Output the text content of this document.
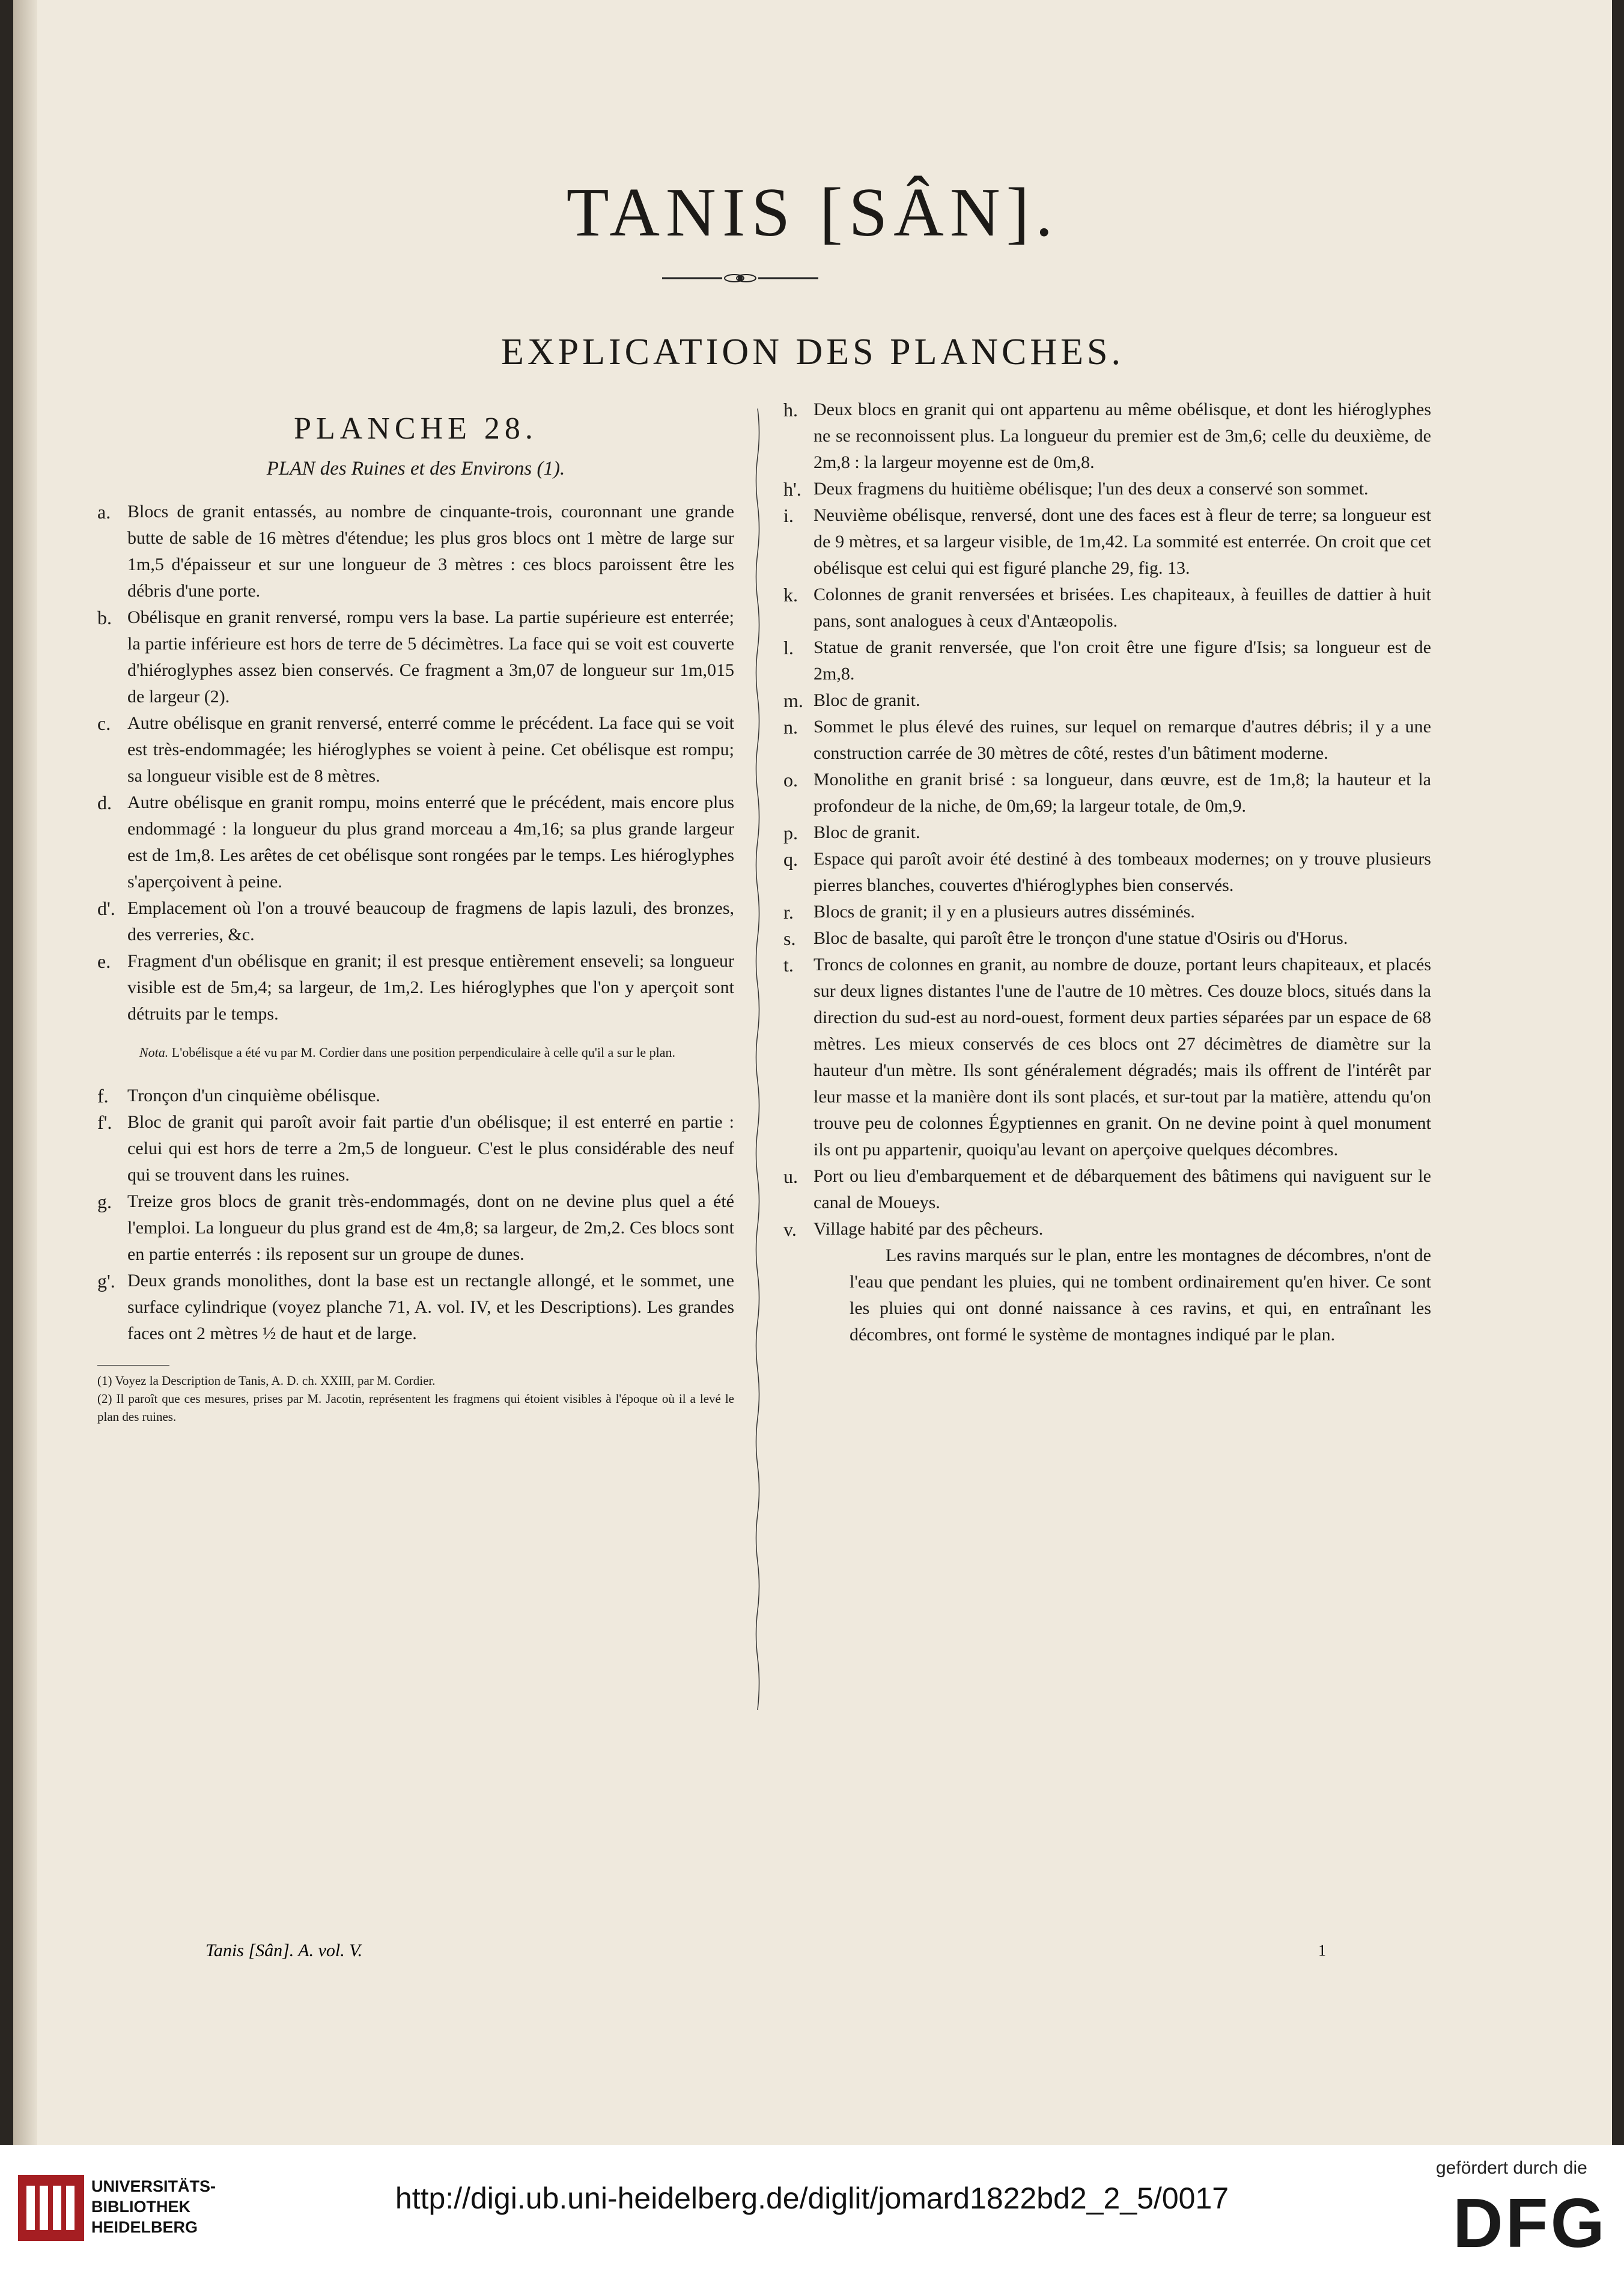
TANIS [SÂN].
EXPLICATION DES PLANCHES.
PLANCHE 28.
PLAN des Ruines et des Environs (1).
a. Blocs de granit entassés, au nombre de cinquante-trois, couronnant une grande butte de sable de 16 mètres d'étendue; les plus gros blocs ont 1 mètre de large sur 1m,5 d'épaisseur et sur une longueur de 3 mètres : ces blocs paroissent être les débris d'une porte.
b. Obélisque en granit renversé, rompu vers la base. La partie supérieure est enterrée; la partie inférieure est hors de terre de 5 décimètres. La face qui se voit est couverte d'hiéroglyphes assez bien conservés. Ce fragment a 3m,07 de longueur sur 1m,015 de largeur (2).
c. Autre obélisque en granit renversé, enterré comme le précédent. La face qui se voit est très-endommagée; les hiéroglyphes se voient à peine. Cet obélisque est rompu; sa longueur visible est de 8 mètres.
d. Autre obélisque en granit rompu, moins enterré que le précédent, mais encore plus endommagé : la longueur du plus grand morceau a 4m,16; sa plus grande largeur est de 1m,8. Les arêtes de cet obélisque sont rongées par le temps. Les hiéroglyphes s'aperçoivent à peine.
d'. Emplacement où l'on a trouvé beaucoup de fragmens de lapis lazuli, des bronzes, des verreries, &c.
e. Fragment d'un obélisque en granit; il est presque entièrement enseveli; sa longueur visible est de 5m,4; sa largeur, de 1m,2. Les hiéroglyphes que l'on y aperçoit sont détruits par le temps.
Nota. L'obélisque a été vu par M. Cordier dans une position perpendiculaire à celle qu'il a sur le plan.
f.	Tronçon d'un cinquième obélisque.
f'. Bloc de granit qui paroît avoir fait partie d'un obélisque; il est enterré en partie : celui qui est hors de terre a 2m,5 de longueur. C'est le plus considérable des neuf qui se trouvent dans les ruines.
g. Treize gros blocs de granit très-endommagés, dont on ne devine plus quel a été l'emploi. La longueur du plus grand est de 4m,8; sa largeur, de 2m,2. Ces blocs sont en partie enterrés : ils reposent sur un groupe de dunes.
g'. Deux grands monolithes, dont la base est un rectangle allongé, et le sommet, une surface cylindrique (voyez planche 71, A. vol. IV, et les Descriptions). Les grandes faces ont 2 mètres ½ de haut et de large.
(1) Voyez la Description de Tanis, A. D. ch. XXIII, par M. Cordier.
(2) Il paroît que ces mesures, prises par M. Jacotin, représentent les fragmens qui étoient visibles à l'époque où il a levé le plan des ruines.
h. Deux blocs en granit qui ont appartenu au même obélisque, et dont les hiéroglyphes ne se reconnoissent plus. La longueur du premier est de 3m,6; celle du deuxième, de 2m,8 : la largeur moyenne est de 0m,8.
h'. Deux fragmens du huitième obélisque; l'un des deux a conservé son sommet.
i.	Neuvième obélisque, renversé, dont une des faces est à fleur de terre; sa longueur est de 9 mètres, et sa largeur visible, de 1m,42. La sommité est enterrée. On croit que cet obélisque est celui qui est figuré planche 29, fig. 13.
k. Colonnes de granit renversées et brisées. Les chapiteaux, à feuilles de dattier à huit pans, sont analogues à ceux d'Antæopolis.
l.	Statue de granit renversée, que l'on croit être une figure d'Isis; sa longueur est de 2m,8.
m. Bloc de granit.
n. Sommet le plus élevé des ruines, sur lequel on remarque d'autres débris; il y a une construction carrée de 30 mètres de côté, restes d'un bâtiment moderne.
o. Monolithe en granit brisé : sa longueur, dans œuvre, est de 1m,8; la hauteur et la profondeur de la niche, de 0m,69; la largeur totale, de 0m,9.
p. Bloc de granit.
q. Espace qui paroît avoir été destiné à des tombeaux modernes; on y trouve plusieurs pierres blanches, couvertes d'hiéroglyphes bien conservés.
r.	Blocs de granit; il y en a plusieurs autres disséminés.
s. Bloc de basalte, qui paroît être le tronçon d'une statue d'Osiris ou d'Horus.
t.	Troncs de colonnes en granit, au nombre de douze, portant leurs chapiteaux, et placés sur deux lignes distantes l'une de l'autre de 10 mètres. Ces douze blocs, situés dans la direction du sud-est au nord-ouest, forment deux parties séparées par un espace de 68 mètres. Les mieux conservés de ces blocs ont 27 décimètres de diamètre sur la hauteur d'un mètre. Ils sont généralement dégradés; mais ils offrent de l'intérêt par leur masse et la manière dont ils sont placés, et sur-tout par la matière, attendu qu'on trouve peu de colonnes Égyptiennes en granit. On ne devine point à quel monument ils ont pu appartenir, quoiqu'au levant on aperçoive quelques décombres.
u. Port ou lieu d'embarquement et de débarquement des bâtimens qui naviguent sur le canal de Moueys.
v. Village habité par des pêcheurs.
Les ravins marqués sur le plan, entre les montagnes de décombres, n'ont de l'eau que pendant les pluies, qui ne tombent ordinairement qu'en hiver. Ce sont les pluies qui ont donné naissance à ces ravins, et qui, en entraînant les décombres, ont formé le système de montagnes indiqué par le plan.
Tanis [Sân]. A. vol. V.	1
UNIVERSITÄTS-
BIBLIOTHEK
HEIDELBERG
http://digi.ub.uni-heidelberg.de/diglit/jomard1822bd2_2_5/0017
gefördert durch die
DFG
